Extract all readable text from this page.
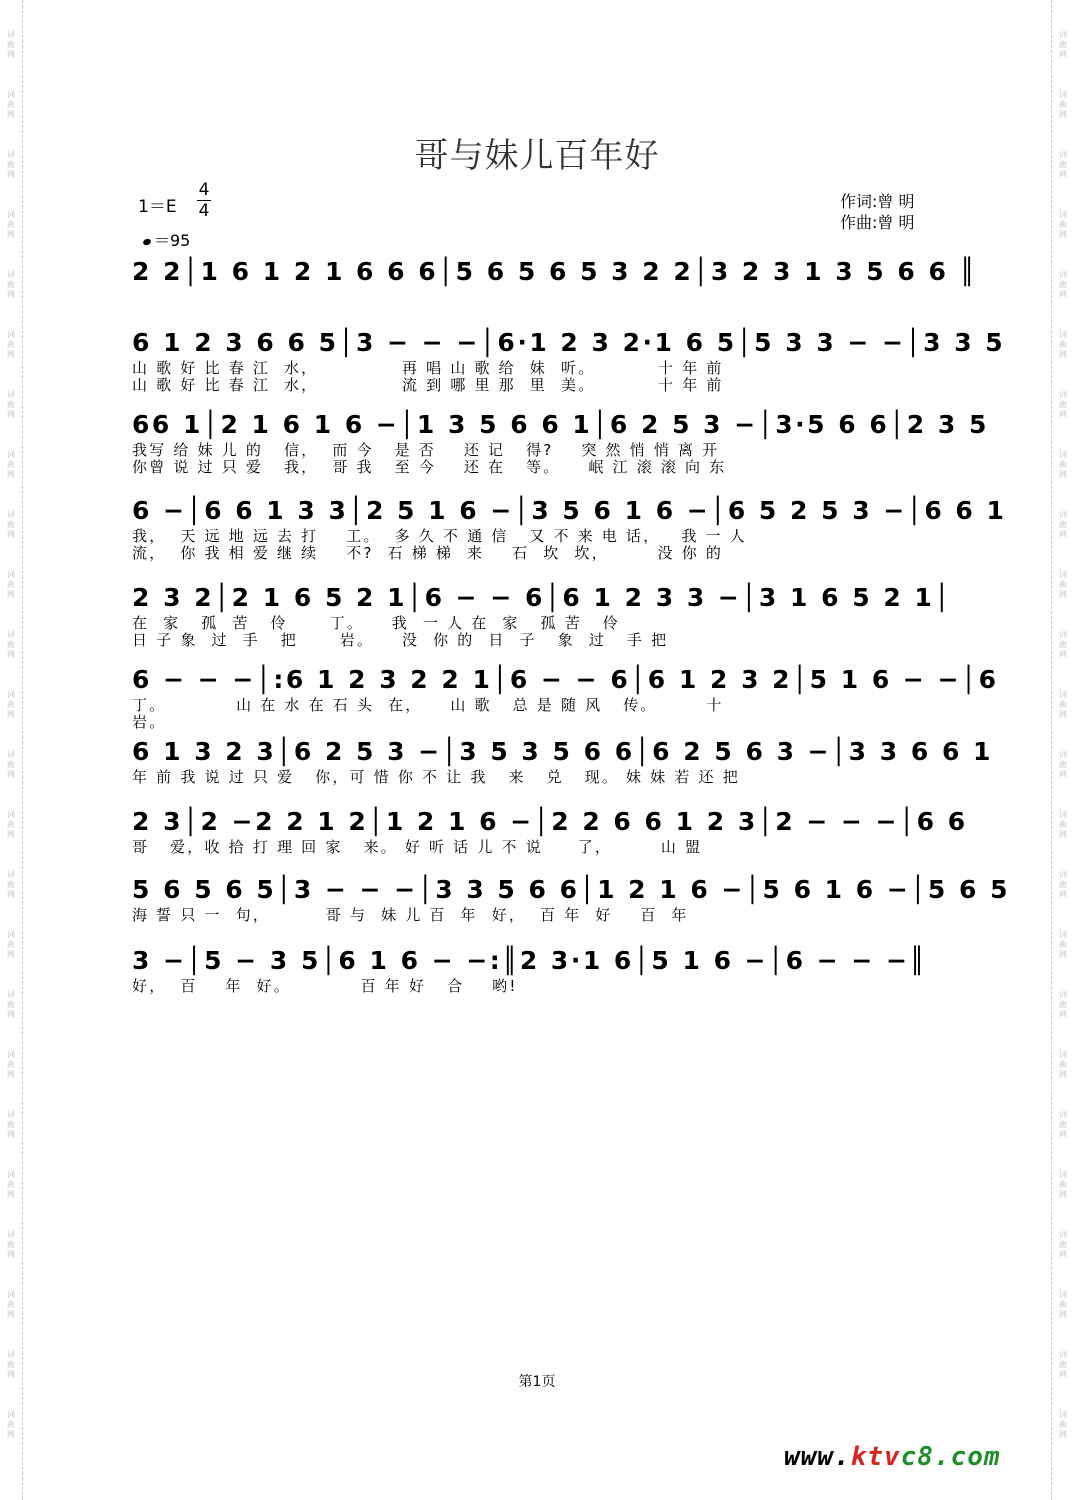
词曲网
词曲网
词曲网
词曲网
词曲网
词曲网
词曲网
词曲网
词曲网
词曲网
词曲网
词曲网
词曲网
词曲网
词曲网
词曲网
词曲网
词曲网
词曲网
词曲网
词曲网
词曲网
词曲网
词曲网
词曲网
词曲网
词曲网
词曲网
词曲网
词曲网
词曲网
词曲网
词曲网
词曲网
词曲网
词曲网
词曲网
词曲网
词曲网
词曲网
词曲网
词曲网
词曲网
词曲网
词曲网
词曲网
词曲网
词曲网
哥与妹儿百年好
1＝E
4
4
＝95
作词:曾 明
作曲:曾 明
2 2│1 6 1 2 1 6 6 6│5 6 5 6 5 3 2 2│3 2 3 1 3 5 6 6 ║
6 1 2 3 6 6 5│3 − − −│6·1 2 3 2·1 6 5│5 3 3 − −│3 3 5
山 歌 好 比 春 江  水，            再 唱 山 歌 给  妹  听。         十 年 前
山 歌 好 比 春 江  水，            流 到 哪 里 那  里  美。         十 年 前
66 1│2 1 6 1 6 −│1 3 5 6 6 1│6 2 5 3 −│3·5 6 6│2 3 5
我写 给 妹 儿 的   信，  而 今   是 否    还 记   得?    突 然 悄 悄 离 开
你曾 说 过 只 爱   我，  哥 我   至 今    还 在   等。    岷 江 滚 滚 向 东
6 −│6 6 1 3 3│2 5 1 6 −│3 5 6 1 6 −│6 5 2 5 3 −│6 6 1
我，  天 远 地 远 去 打    工。  多 久 不 通 信   又 不 来 电 话，   我 一 人
流，  你 我 相 爱 继 续    不?  石 梯 梯  来    石  坎  坎，       没 你 的
2 3 2│2 1 6 5 2 1│6 − − 6│6 1 2 3 3 −│3 1 6 5 2 1│
在  家   孤  苦   伶      丁。    我  一 人 在  家   孤 苦   伶
日 子 象  过  手   把      岩。    没  你 的  日  子   象  过   手 把
6 − − −│:6 1 2 3 2 2 1│6 − − 6│6 1 2 3 2│5 1 6 − −│6
丁。          山 在 水 在 石 头  在，    山 歌   总 是 随 风   传。       十
岩。
6 1 3 2 3│6 2 5 3 −│3 5 3 5 6 6│6 2 5 6 3 −│3 3 6 6 1
年 前 我 说 过 只 爱   你，可 惜 你 不 让 我   来   兑   现。 妹 妹 若 还 把
2 3│2 −2 2 1 2│1 2 1 6 −│2 2 6 6 1 2 3│2 − − −│6 6
哥   爱，收 拾 打 理 回 家   来。 好 听 话 儿 不 说     了，       山 盟
5 6 5 6 5│3 − − −│3 3 5 6 6│1 2 1 6 −│5 6 1 6 −│5 6 5
海 誓 只 一  句，        哥 与  妹 儿 百  年  好，  百 年  好    百  年
3 −│5 − 3 5│6 1 6 − −:║2 3·1 6│5 1 6 −│6 − − −║
好，  百    年  好。          百 年 好   合    哟!
第1页
www.ktvc8.com
